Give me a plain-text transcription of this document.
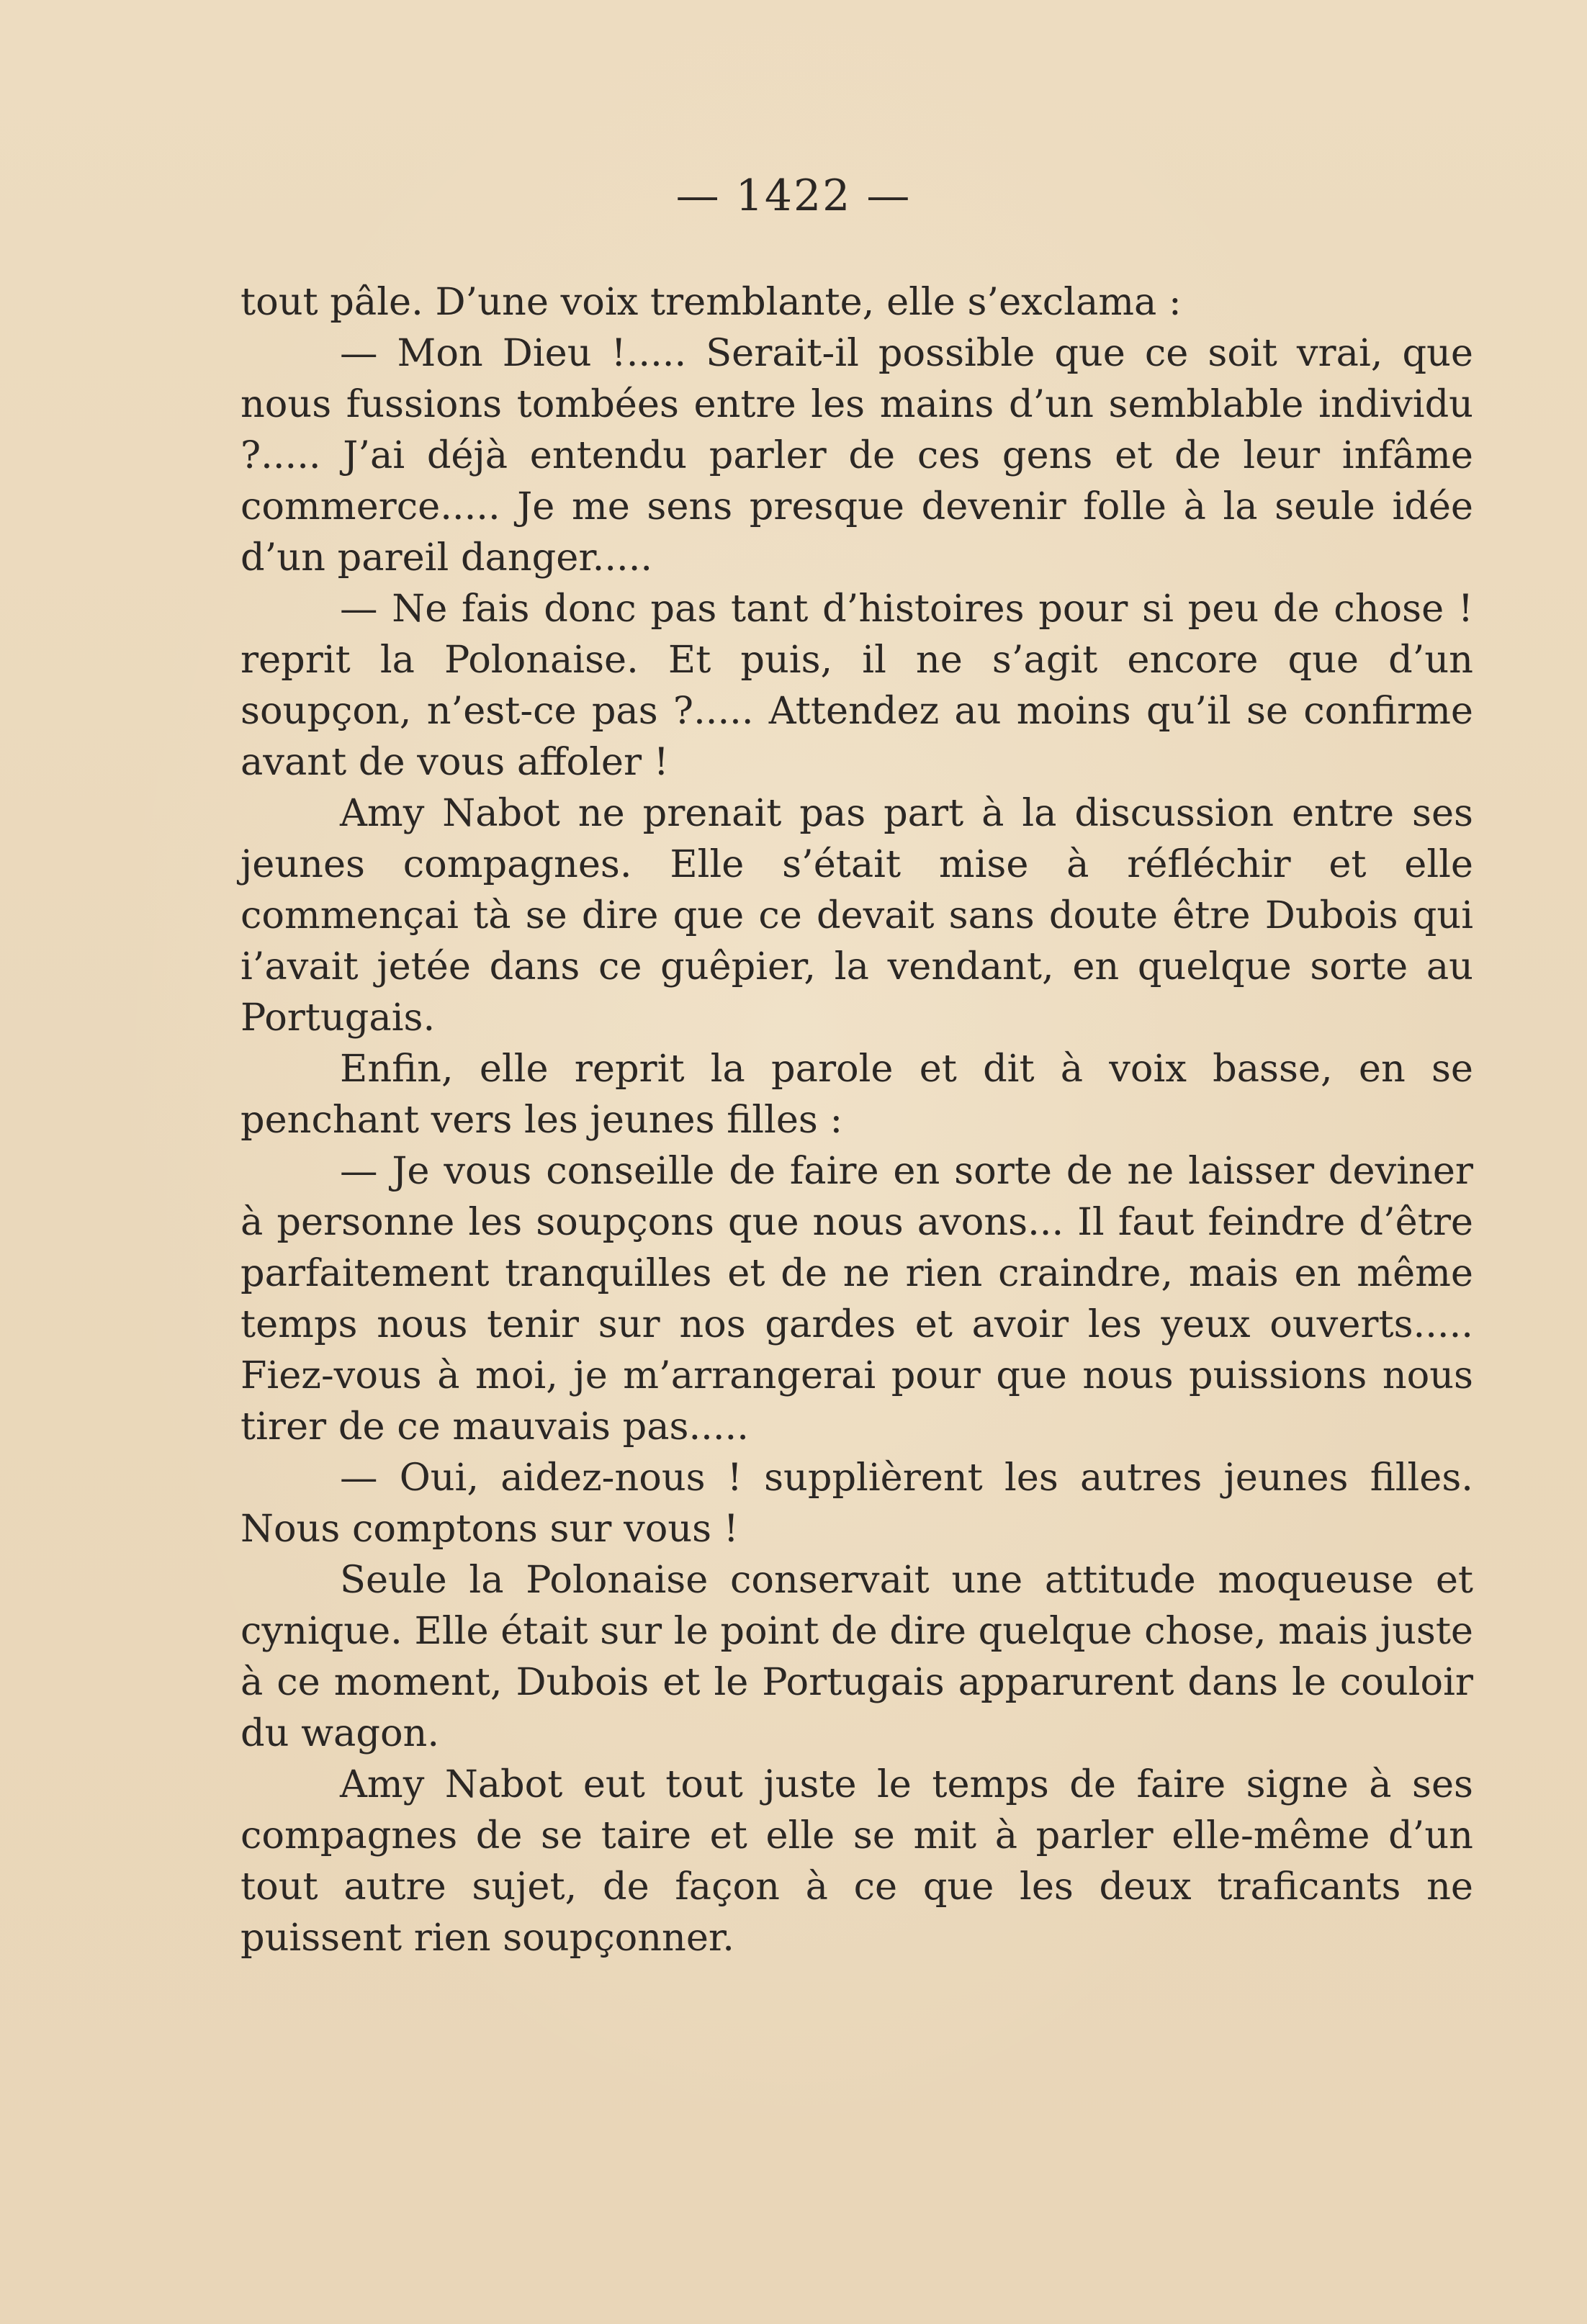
— 1422 —

tout pâle. D’une voix tremblante, elle s’exclama :

— Mon Dieu !..... Serait-il possible que ce soit vrai, que nous fussions tombées entre les mains d’un semblable individu ?..... J’ai déjà entendu parler de ces gens et de leur infâme commerce..... Je me sens presque devenir folle à la seule idée d’un pareil danger.....

— Ne fais donc pas tant d’histoires pour si peu de chose ! reprit la Polonaise. Et puis, il ne s’agit encore que d’un soupçon, n’est-ce pas ?..... Attendez au moins qu’il se confirme avant de vous affoler !

Amy Nabot ne prenait pas part à la discussion entre ses jeunes compagnes. Elle s’était mise à réfléchir et elle commençai tà se dire que ce devait sans doute être Dubois qui i’avait jetée dans ce guêpier, la vendant, en quelque sorte au Portugais.

Enfin, elle reprit la parole et dit à voix basse, en se penchant vers les jeunes filles :

— Je vous conseille de faire en sorte de ne laisser deviner à personne les soupçons que nous avons... Il faut feindre d’être parfaitement tranquilles et de ne rien craindre, mais en même temps nous tenir sur nos gardes et avoir les yeux ouverts..... Fiez-vous à moi, je m’arrangerai pour que nous puissions nous tirer de ce mauvais pas.....

— Oui, aidez-nous ! supplièrent les autres jeunes filles. Nous comptons sur vous !

Seule la Polonaise conservait une attitude moqueuse et cynique. Elle était sur le point de dire quelque chose, mais juste à ce moment, Dubois et le Portugais apparurent dans le couloir du wagon.

Amy Nabot eut tout juste le temps de faire signe à ses compagnes de se taire et elle se mit à parler elle-même d’un tout autre sujet, de façon à ce que les deux traficants ne puissent rien soupçonner.
